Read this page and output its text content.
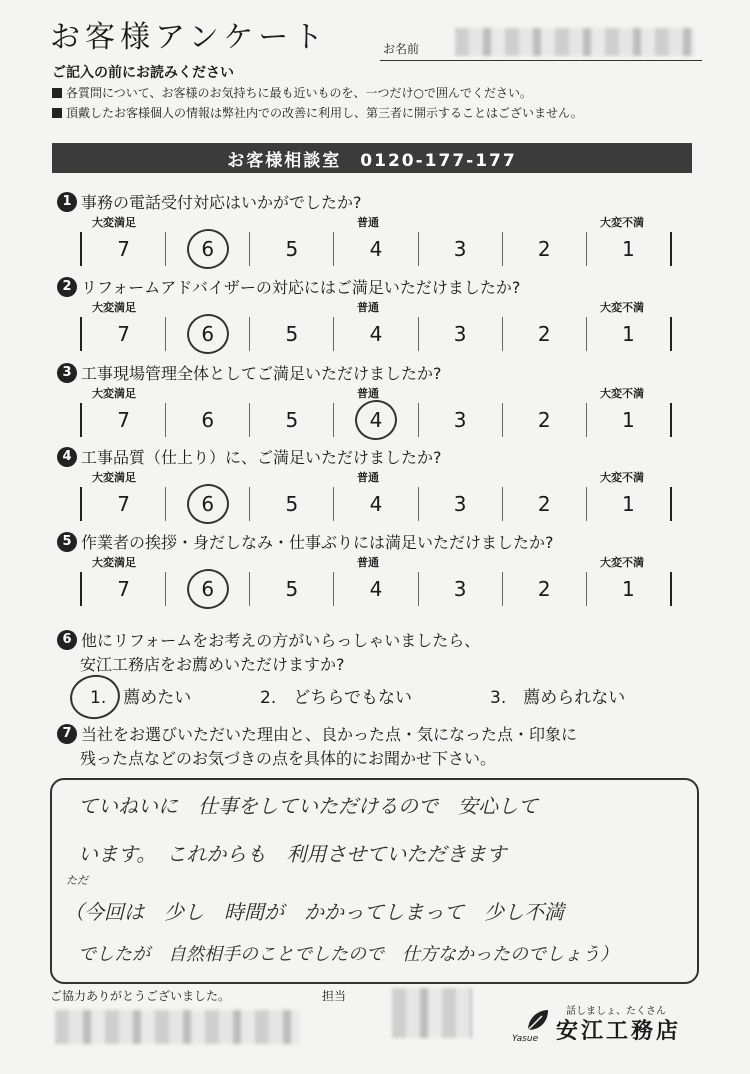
お客様アンケート	お名前
ご記入の前にお読みください
各質問について、お客様のお気持ちに最も近いものを、一つだけ○で囲んでください。
頂戴したお客様個人の情報は弊社内での改善に利用し、第三者に開示することはございません。
お客様相談室　0120-177-177
1 事務の電話受付対応はいかがでしたか?
大変満足	普通	大変不満
7	6	5	4	3	2	1
2 リフォームアドバイザーの対応にはご満足いただけましたか?
大変満足	普通	大変不満
7	6	5	4	3	2	1
3 工事現場管理全体としてご満足いただけましたか?
大変満足	普通	大変不満
7	6	5	4	3	2	1
4 工事品質（仕上り）に、ご満足いただけましたか?
大変満足	普通	大変不満
7	6	5	4	3	2	1
5 作業者の挨拶・身だしなみ・仕事ぶりには満足いただけましたか?
大変満足	普通	大変不満
7	6	5	4	3	2	1
6 他にリフォームをお考えの方がいらっしゃいましたら、
安江工務店をお薦めいただけますか?
1.　薦めたい	2.　どちらでもない	3.　薦められない
7 当社をお選びいただいた理由と、良かった点・気になった点・印象に
残った点などのお気づきの点を具体的にお聞かせ下さい。
ていねいに　仕事をしていただけるので　安心して
います。　これからも　利用させていただきます
ただ
（今回は　少し　時間が　かかってしまって　少し不満
でしたが　自然相手のことでしたので　仕方なかったのでしょう）
ご協力ありがとうございました。	担当
Yasue
話しましょ、たくさん
安江工務店
